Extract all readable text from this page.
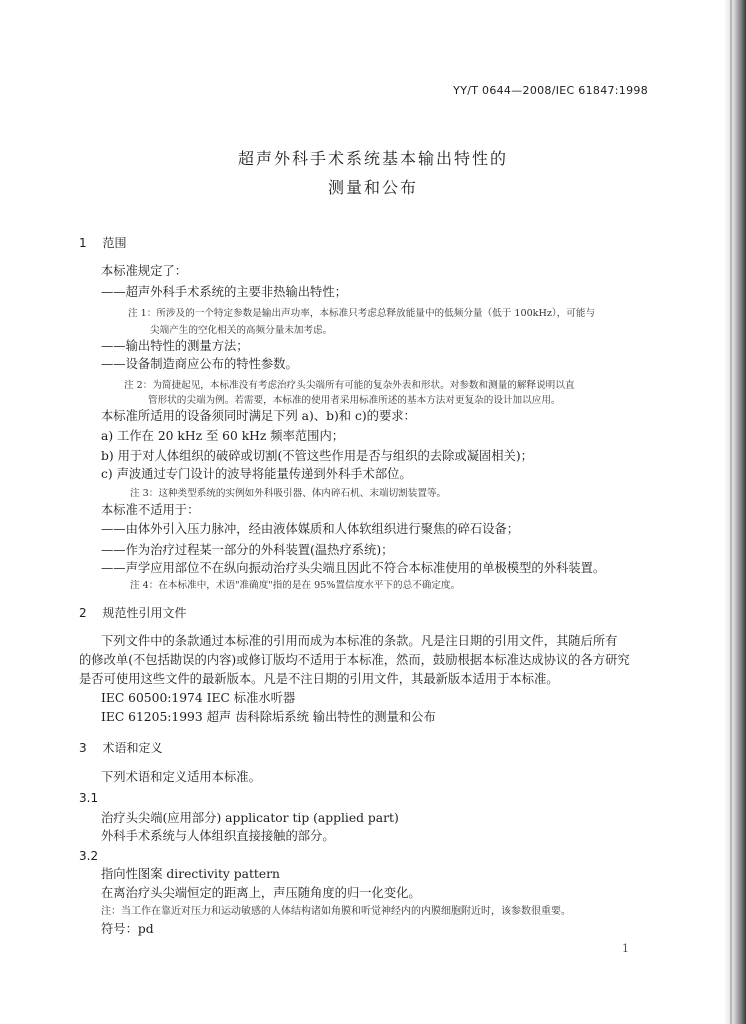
YY/T 0644—2008/IEC 61847:1998
超声外科手术系统基本输出特性的
测量和公布
1 范围
本标准规定了：
——超声外科手术系统的主要非热输出特性；
注 1：所涉及的一个特定参数是输出声功率，本标准只考虑总释放能量中的低频分量（低于 100kHz），可能与
尖端产生的空化相关的高频分量未加考虑。
——输出特性的测量方法；
——设备制造商应公布的特性参数。
注 2：为简捷起见，本标准没有考虑治疗头尖端所有可能的复杂外表和形状。对参数和测量的解释说明以直
管形状的尖端为例。若需要，本标准的使用者采用标准所述的基本方法对更复杂的设计加以应用。
本标准所适用的设备须同时满足下列 a)、b)和 c)的要求：
a) 工作在 20 kHz 至 60 kHz 频率范围内；
b) 用于对人体组织的破碎或切割(不管这些作用是否与组织的去除或凝固相关)；
c) 声波通过专门设计的波导将能量传递到外科手术部位。
注 3：这种类型系统的实例如外科吸引器、体内碎石机、末端切割装置等。
本标准不适用于：
——由体外引入压力脉冲，经由液体媒质和人体软组织进行聚焦的碎石设备；
——作为治疗过程某一部分的外科装置(温热疗系统)；
——声学应用部位不在纵向振动治疗头尖端且因此不符合本标准使用的单极模型的外科装置。
注 4：在本标准中，术语"准确度"指的是在 95%置信度水平下的总不确定度。
2 规范性引用文件
下列文件中的条款通过本标准的引用而成为本标准的条款。凡是注日期的引用文件，其随后所有
的修改单(不包括勘误的内容)或修订版均不适用于本标准，然而，鼓励根据本标准达成协议的各方研究
是否可使用这些文件的最新版本。凡是不注日期的引用文件，其最新版本适用于本标准。
IEC 60500:1974 IEC 标准水听器
IEC 61205:1993 超声 齿科除垢系统 输出特性的测量和公布
3 术语和定义
下列术语和定义适用本标准。
3.1
治疗头尖端(应用部分) applicator tip (applied part)
外科手术系统与人体组织直接接触的部分。
3.2
指向性图案 directivity pattern
在离治疗头尖端恒定的距离上，声压随角度的归一化变化。
注：当工作在靠近对压力和运动敏感的人体结构诸如角膜和听觉神经内的内膜细胞附近时，该参数很重要。
符号：pd
1
